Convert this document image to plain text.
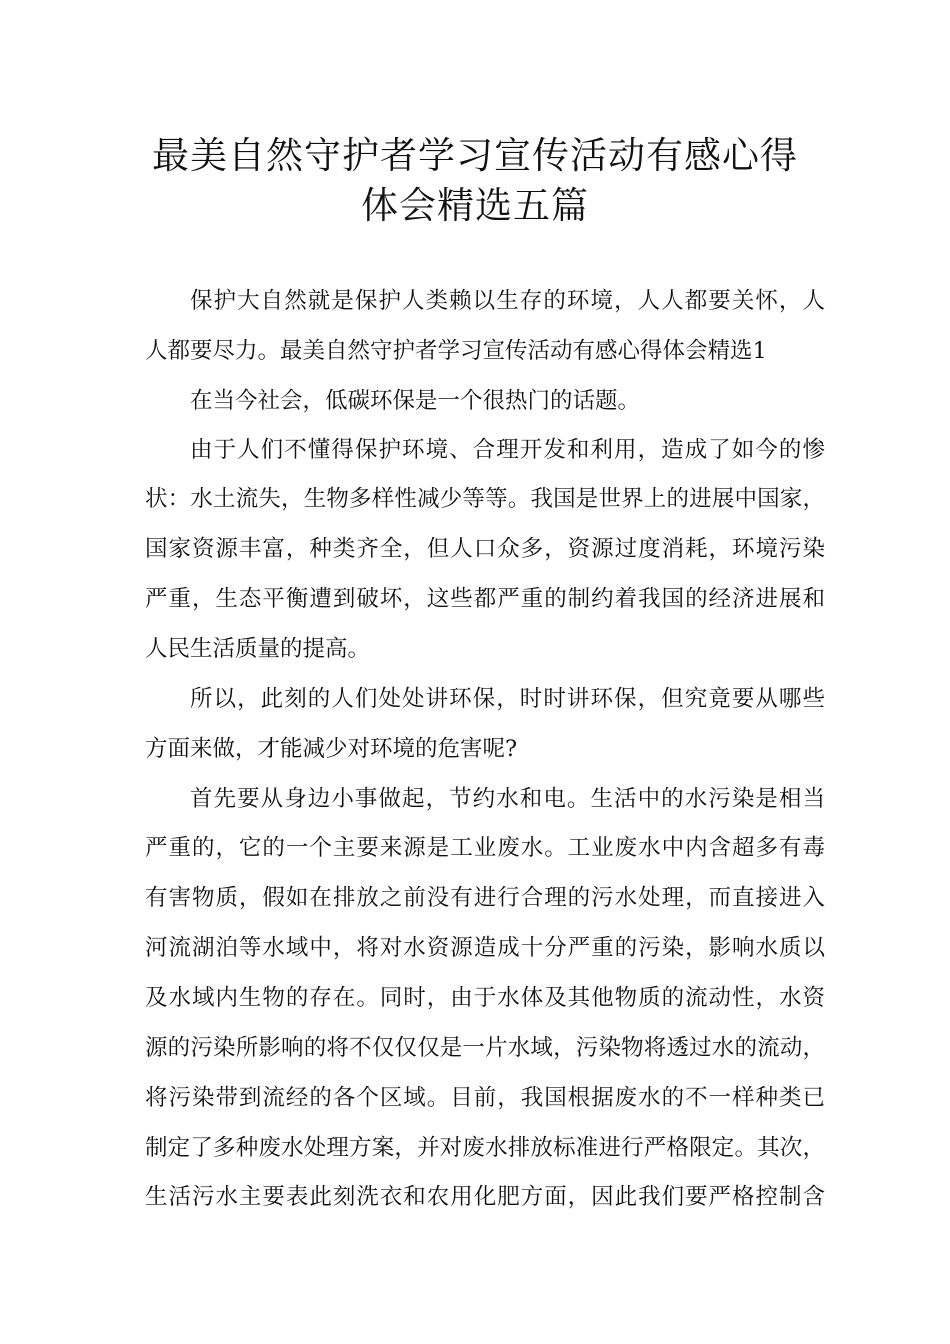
最美自然守护者学习宣传活动有感心得
体会精选五篇
保护大自然就是保护人类赖以生存的环境，人人都要关怀，人
人都要尽力。最美自然守护者学习宣传活动有感心得体会精选1
在当今社会，低碳环保是一个很热门的话题。
由于人们不懂得保护环境、合理开发和利用，造成了如今的惨
状：水土流失，生物多样性减少等等。我国是世界上的进展中国家，
国家资源丰富，种类齐全，但人口众多，资源过度消耗，环境污染
严重，生态平衡遭到破坏，这些都严重的制约着我国的经济进展和
人民生活质量的提高。
所以，此刻的人们处处讲环保，时时讲环保，但究竟要从哪些
方面来做，才能减少对环境的危害呢?
首先要从身边小事做起，节约水和电。生活中的水污染是相当
严重的，它的一个主要来源是工业废水。工业废水中内含超多有毒
有害物质，假如在排放之前没有进行合理的污水处理，而直接进入
河流湖泊等水域中，将对水资源造成十分严重的污染，影响水质以
及水域内生物的存在。同时，由于水体及其他物质的流动性，水资
源的污染所影响的将不仅仅仅是一片水域，污染物将透过水的流动，
将污染带到流经的各个区域。目前，我国根据废水的不一样种类已
制定了多种废水处理方案，并对废水排放标准进行严格限定。其次，
生活污水主要表此刻洗衣和农用化肥方面，因此我们要严格控制含
